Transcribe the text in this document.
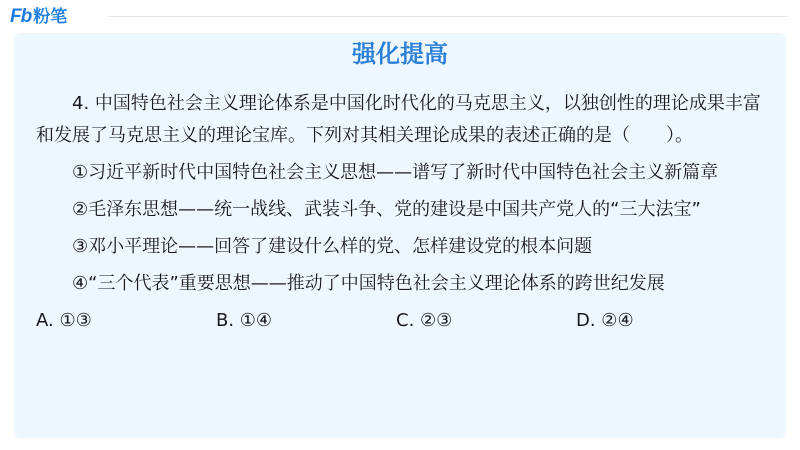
Fb 粉笔
强化提高

4. 中国特色社会主义理论体系是中国化时代化的马克思主义，以独创性的理论成果丰富和发展了马克思主义的理论宝库。下列对其相关理论成果的表述正确的是（　　）。

①习近平新时代中国特色社会主义思想——谱写了新时代中国特色社会主义新篇章

②毛泽东思想——统一战线、武装斗争、党的建设是中国共产党人的“三大法宝”

③邓小平理论——回答了建设什么样的党、怎样建设党的根本问题

④“三个代表”重要思想——推动了中国特色社会主义理论体系的跨世纪发展

A. ①③	B. ①④	C. ②③	D. ②④
